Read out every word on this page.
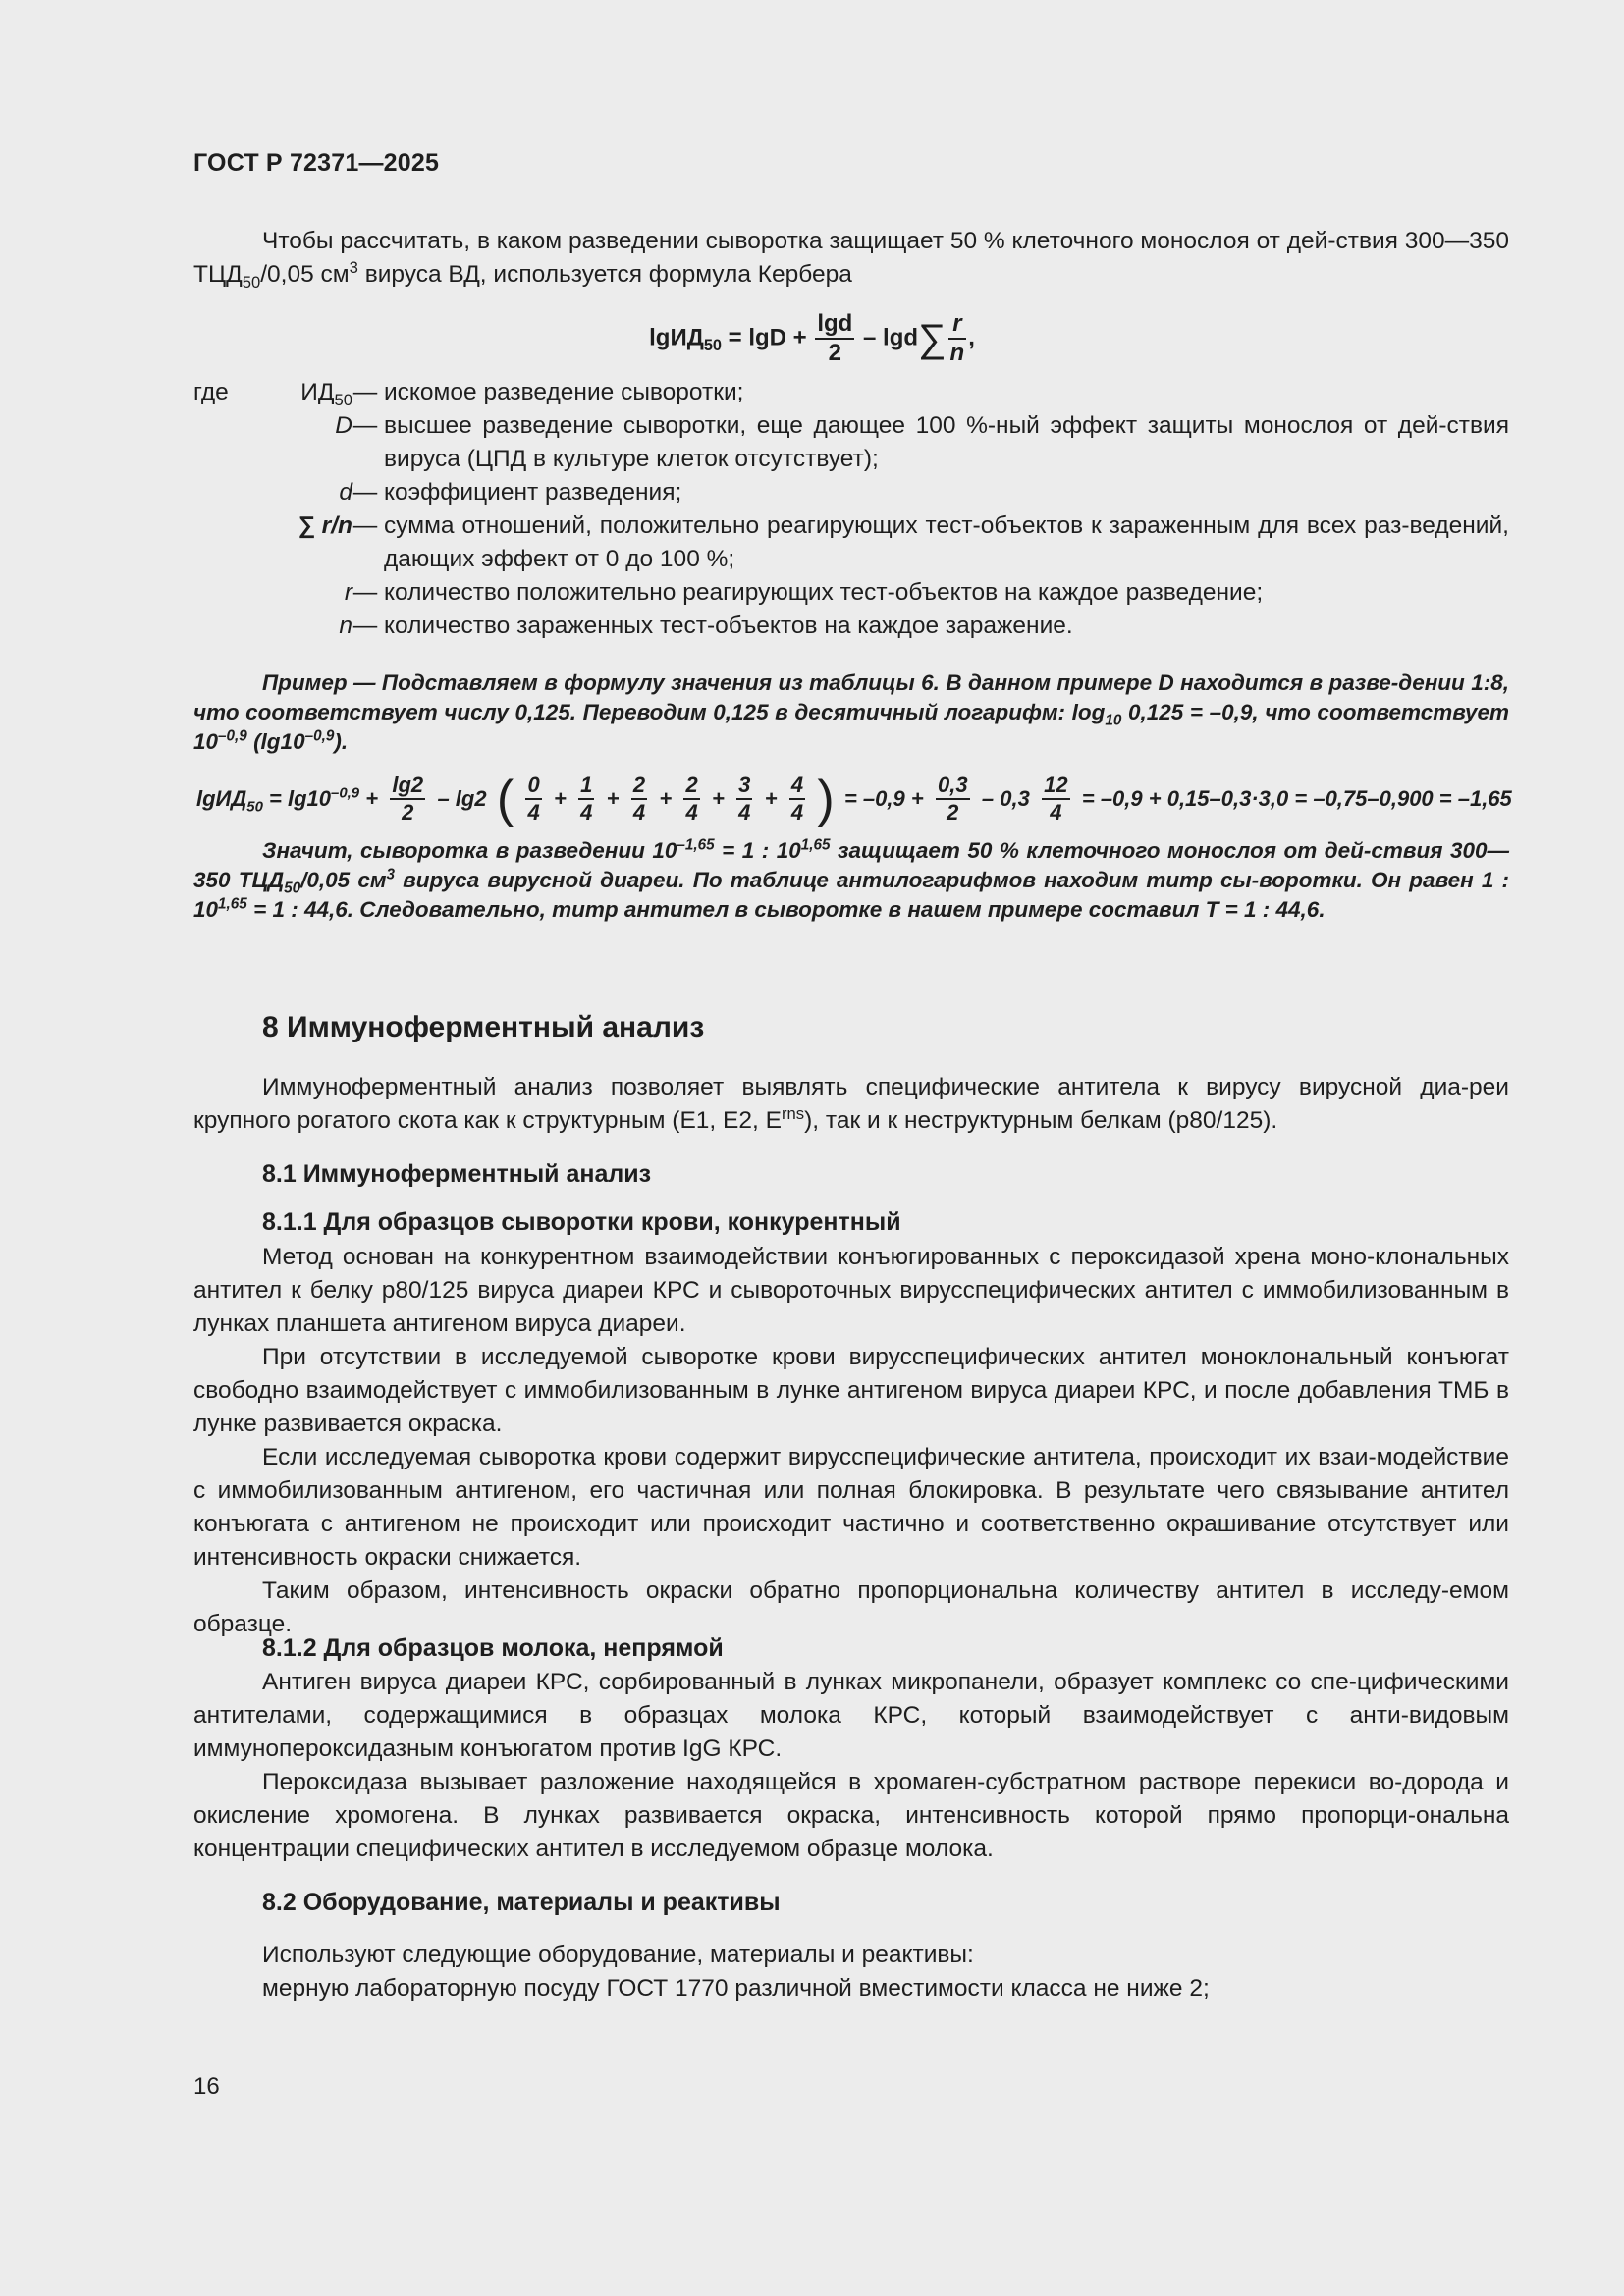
ГОСТ Р 72371—2025
Чтобы рассчитать, в каком разведении сыворотка защищает 50 % клеточного монослоя от дей-ствия 300—350 $ТЦД_{50}/0,05$ $см^3$ вируса ВД, используется формула Кербера
$\lg ИД_{50} = \lg D + \frac{\lg d}{2} - \lg d\sum \frac{r}{n}$ ,
где	$ИД_{50}$ — искомое разведение сыворотки;
D — высшее разведение сыворотки, еще дающее 100 %-ный эффект защиты монослоя от дей-ствия вируса (ЦПД в культуре клеток отсутствует);
d — коэффициент разведения;
∑ r/n — сумма отношений, положительно реагирующих тест-объектов к зараженным для всех раз-ведений, дающих эффект от 0 до 100 %;
r — количество положительно реагирующих тест-объектов на каждое разведение;
n — количество зараженных тест-объектов на каждое заражение.
Пример — Подставляем в формулу значения из таблицы 6. В данном примере D находится в разве-дении 1:8, что соответствует числу 0,125. Переводим 0,125 в десятичный логарифм: $\log_{10} 0,125 = -0,9$, что соответствует $10^{-0,9}$ $(\lg 10^{-0,9})$.
$\lg ИД_{50} = \lg 10^{-0,9} + \frac{\lg 2}{2} - \lg 2$ ( $\frac{0}{4} + \frac{1}{4} + \frac{2}{4} + \frac{2}{4} + \frac{3}{4} + \frac{4}{4}$ ) = $-0,9 + \frac{0,3}{2} - 0,3 \frac{12}{4} = -0,9 + 0,15-0,3\cdot 3,0 = -0,75-0,900 = -1,65$
Значит, сыворотка в разведении $10^{-1,65} = 1$ : 10$^{1,65}$ защищает 50 % клеточного монослоя от дей-ствия 300—350 $ТЦД_{50}/0,05$ $см^3$ вируса вирусной диареи. По таблице антилогарифмов находим титр сы-воротки. Он равен 1 : $10^{1,65} = 1$ : 44,6. Следовательно, титр антител в сыворотке в нашем примере составил Т = 1 : 44,6.
8 Иммуноферментный анализ
Иммуноферментный анализ позволяет выявлять специфические антитела к вирусу вирусной диа-реи крупного рогатого скота как к структурным (E1, E2, $E^{rns}$), так и к неструктурным белкам (р80/125).
8.1 Иммуноферментный анализ
8.1.1 Для образцов сыворотки крови, конкурентный
Метод основан на конкурентном взаимодействии конъюгированных с пероксидазой хрена моно-клональных антител к белку р80/125 вируса диареи КРС и сывороточных вирусспецифических антител с иммобилизованным в лунках планшета антигеном вируса диареи.
При отсутствии в исследуемой сыворотке крови вирусспецифических антител моноклональный конъюгат свободно взаимодействует с иммобилизованным в лунке антигеном вируса диареи КРС, и после добавления ТМБ в лунке развивается окраска.
Если исследуемая сыворотка крови содержит вирусспецифические антитела, происходит их взаи-модействие с иммобилизованным антигеном, его частичная или полная блокировка. В результате чего связывание антител конъюгата с антигеном не происходит или происходит частично и соответственно окрашивание отсутствует или интенсивность окраски снижается.
Таким образом, интенсивность окраски обратно пропорциональна количеству антител в исследу-емом образце.
8.1.2 Для образцов молока, непрямой
Антиген вируса диареи КРС, сорбированный в лунках микропанели, образует комплекс со спе-цифическими антителами, содержащимися в образцах молока КРС, который взаимодействует с анти-видовым иммунопероксидазным конъюгатом против IgG КРС.
Пероксидаза вызывает разложение находящейся в хромаген-субстратном растворе перекиси во-дорода и окисление хромогена. В лунках развивается окраска, интенсивность которой прямо пропорци-ональна концентрации специфических антител в исследуемом образце молока.
8.2 Оборудование, материалы и реактивы
Используют следующие оборудование, материалы и реактивы:
мерную лабораторную посуду ГОСТ 1770 различной вместимости класса не ниже 2;
16
